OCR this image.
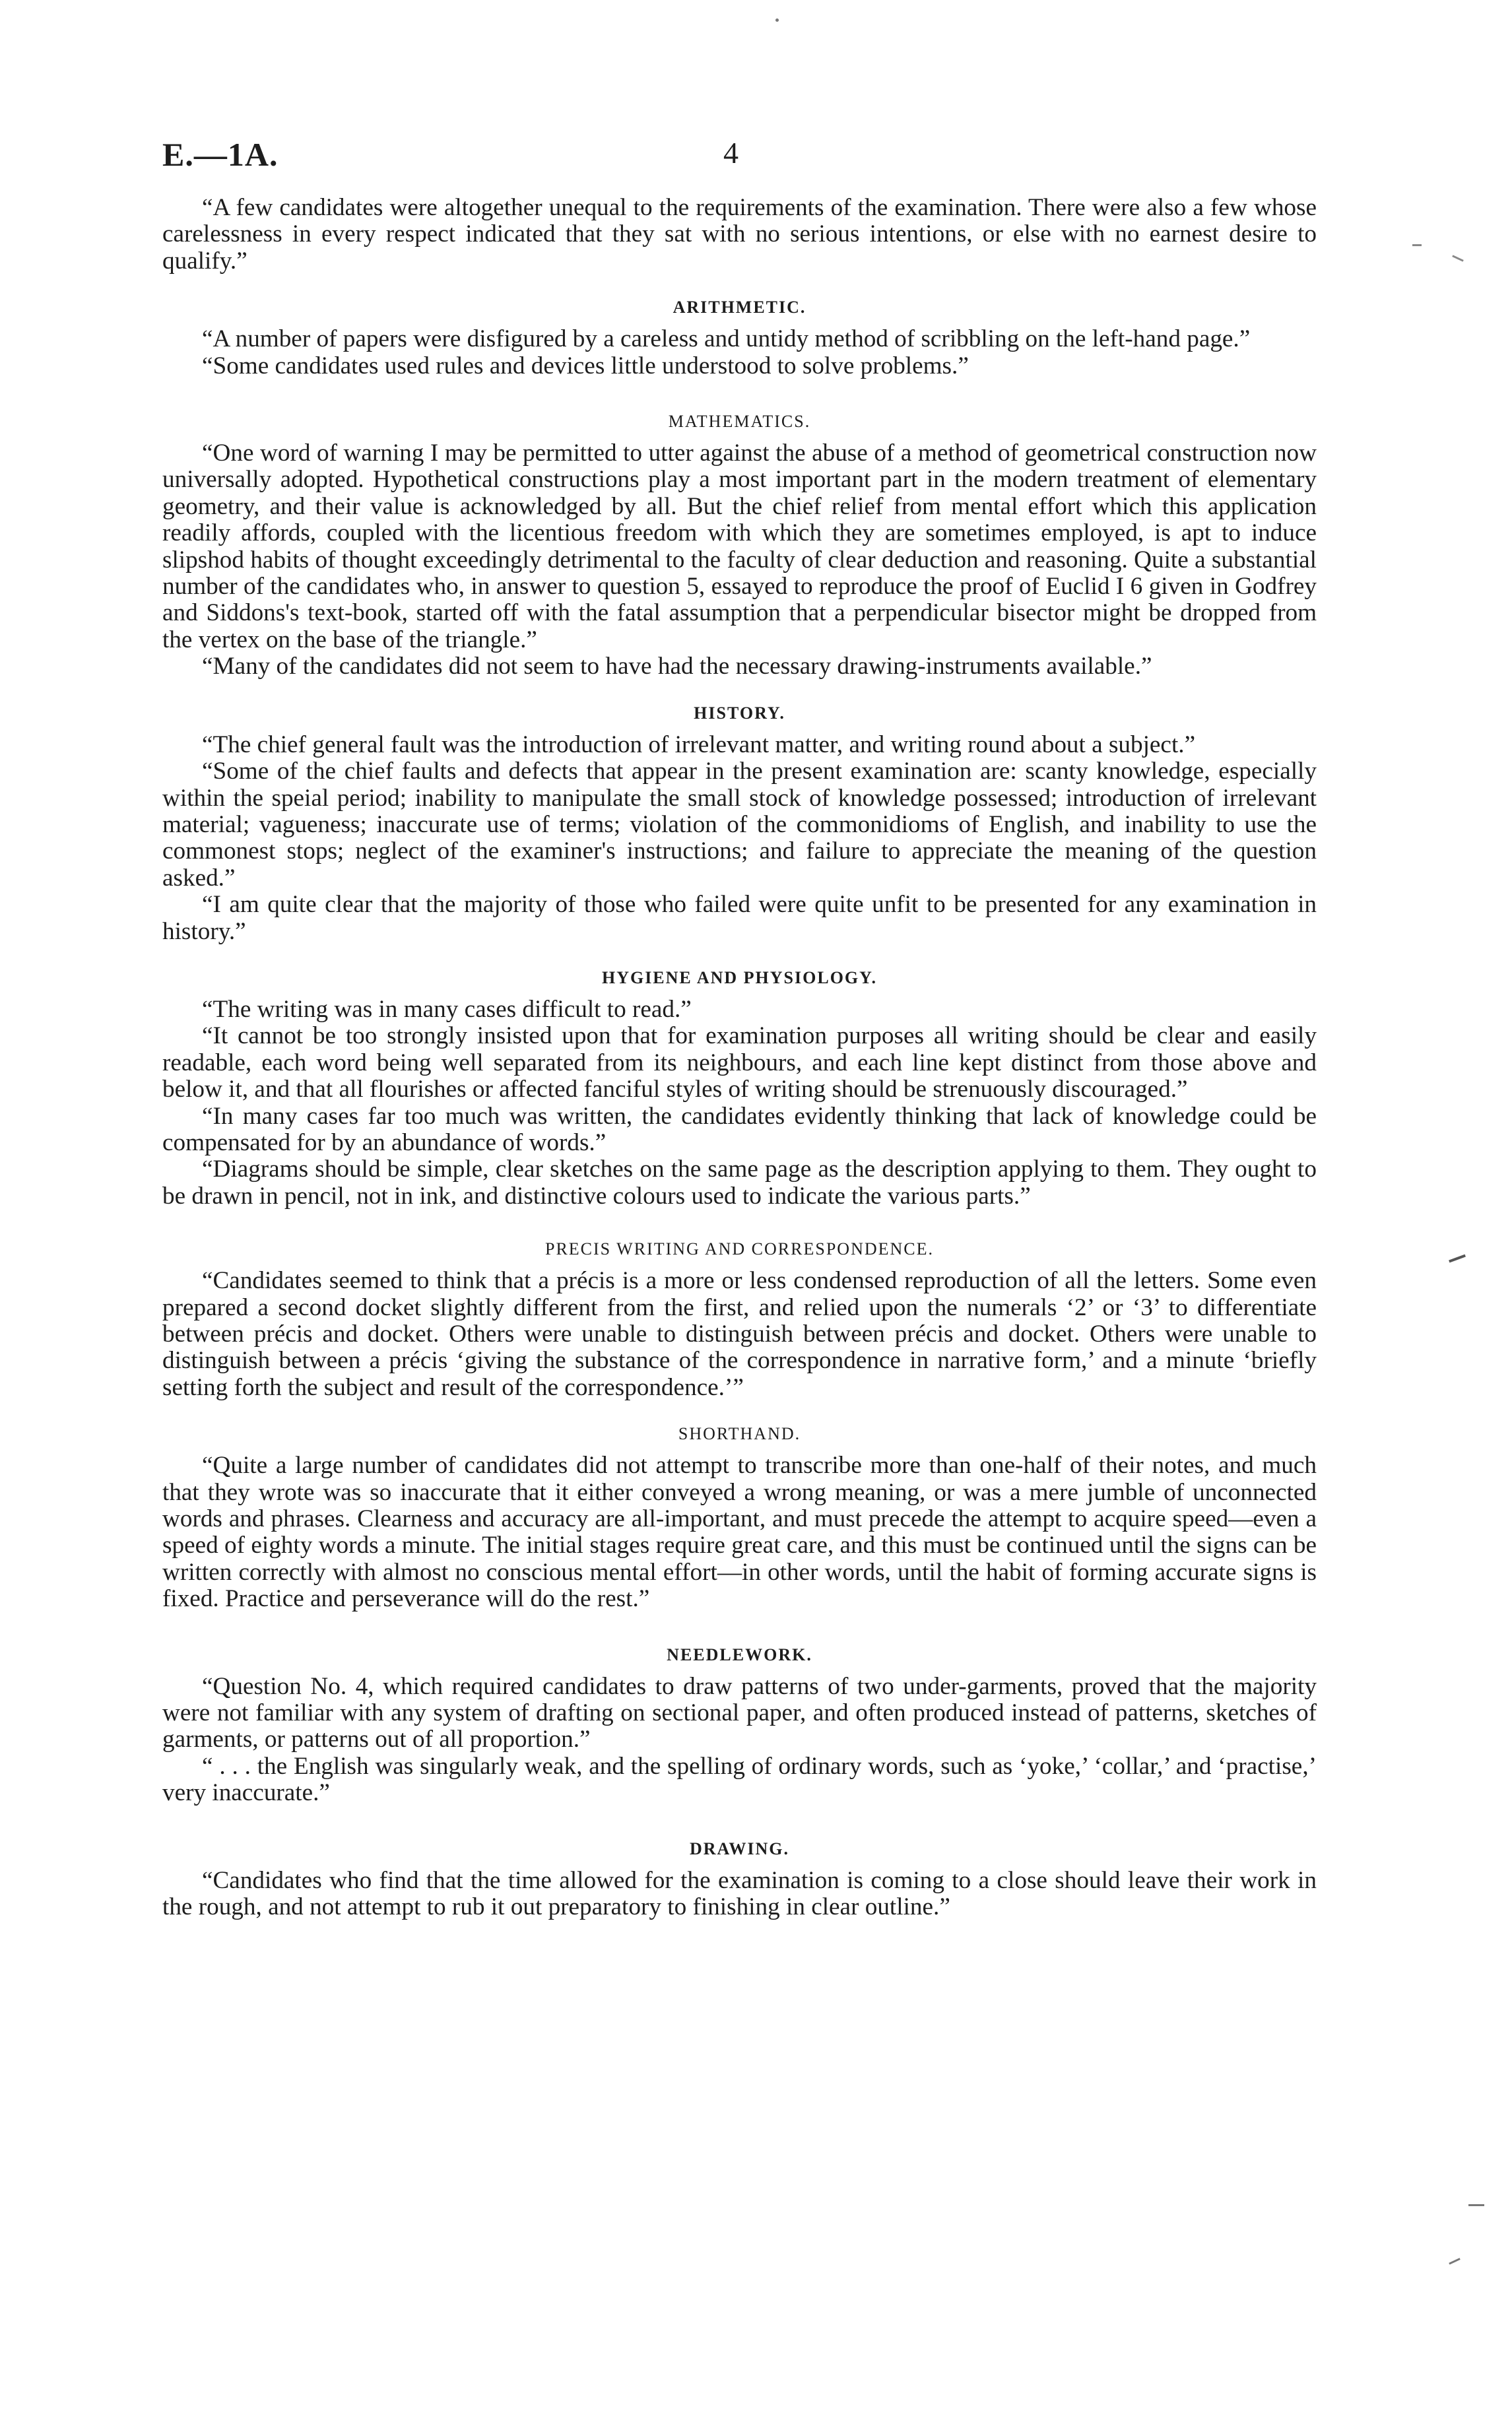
E.—1A.	4

“A few candidates were altogether unequal to the requirements of the examination. There were also a few whose carelessness in every respect indicated that they sat with no serious intentions, or else with no earnest desire to qualify.”

ARITHMETIC.

“A number of papers were disfigured by a careless and untidy method of scribbling on the left-hand page.”

“Some candidates used rules and devices little understood to solve problems.”

MATHEMATICS.

“One word of warning I may be permitted to utter against the abuse of a method of geometrical construction now universally adopted. Hypothetical constructions play a most important part in the modern treatment of elementary geometry, and their value is acknowledged by all. But the chief relief from mental effort which this application readily affords, coupled with the licentious freedom with which they are sometimes employed, is apt to induce slipshod habits of thought exceedingly detrimental to the faculty of clear deduction and reasoning. Quite a substantial number of the candidates who, in answer to question 5, essayed to reproduce the proof of Euclid I 6 given in Godfrey and Siddons's text-book, started off with the fatal assumption that a perpendicular bisector might be dropped from the vertex on the base of the triangle.”

“Many of the candidates did not seem to have had the necessary drawing-instruments available.”

HISTORY.

“The chief general fault was the introduction of irrelevant matter, and writing round about a subject.”

“Some of the chief faults and defects that appear in the present examination are: scanty knowledge, especially within the speial period; inability to manipulate the small stock of knowledge possessed; introduction of irrelevant material; vagueness; inaccurate use of terms; violation of the commonidioms of English, and inability to use the commonest stops; neglect of the examiner's instructions; and failure to appreciate the meaning of the question asked.”

“I am quite clear that the majority of those who failed were quite unfit to be presented for any examination in history.”

HYGIENE AND PHYSIOLOGY.

“The writing was in many cases difficult to read.”

“It cannot be too strongly insisted upon that for examination purposes all writing should be clear and easily readable, each word being well separated from its neighbours, and each line kept distinct from those above and below it, and that all flourishes or affected fanciful styles of writing should be strenuously discouraged.”

“In many cases far too much was written, the candidates evidently thinking that lack of knowledge could be compensated for by an abundance of words.”

“Diagrams should be simple, clear sketches on the same page as the description applying to them. They ought to be drawn in pencil, not in ink, and distinctive colours used to indicate the various parts.”

PRECIS WRITING AND CORRESPONDENCE.

“Candidates seemed to think that a précis is a more or less condensed reproduction of all the letters. Some even prepared a second docket slightly different from the first, and relied upon the numerals ‘2’ or ‘3’ to differentiate between précis and docket. Others were unable to distinguish between précis and docket. Others were unable to distinguish between a précis ‘giving the substance of the correspondence in narrative form,’ and a minute ‘briefly setting forth the subject and result of the correspondence.’”

SHORTHAND.

“Quite a large number of candidates did not attempt to transcribe more than one-half of their notes, and much that they wrote was so inaccurate that it either conveyed a wrong meaning, or was a mere jumble of unconnected words and phrases. Clearness and accuracy are all-important, and must precede the attempt to acquire speed—even a speed of eighty words a minute. The initial stages require great care, and this must be continued until the signs can be written correctly with almost no conscious mental effort—in other words, until the habit of forming accurate signs is fixed. Practice and perseverance will do the rest.”

NEEDLEWORK.

“Question No. 4, which required candidates to draw patterns of two under-garments, proved that the majority were not familiar with any system of drafting on sectional paper, and often produced instead of patterns, sketches of garments, or patterns out of all proportion.”

“ . . . the English was singularly weak, and the spelling of ordinary words, such as ‘yoke,’ ‘collar,’ and ‘practise,’ very inaccurate.”

DRAWING.

“Candidates who find that the time allowed for the examination is coming to a close should leave their work in the rough, and not attempt to rub it out preparatory to finishing in clear outline.”
